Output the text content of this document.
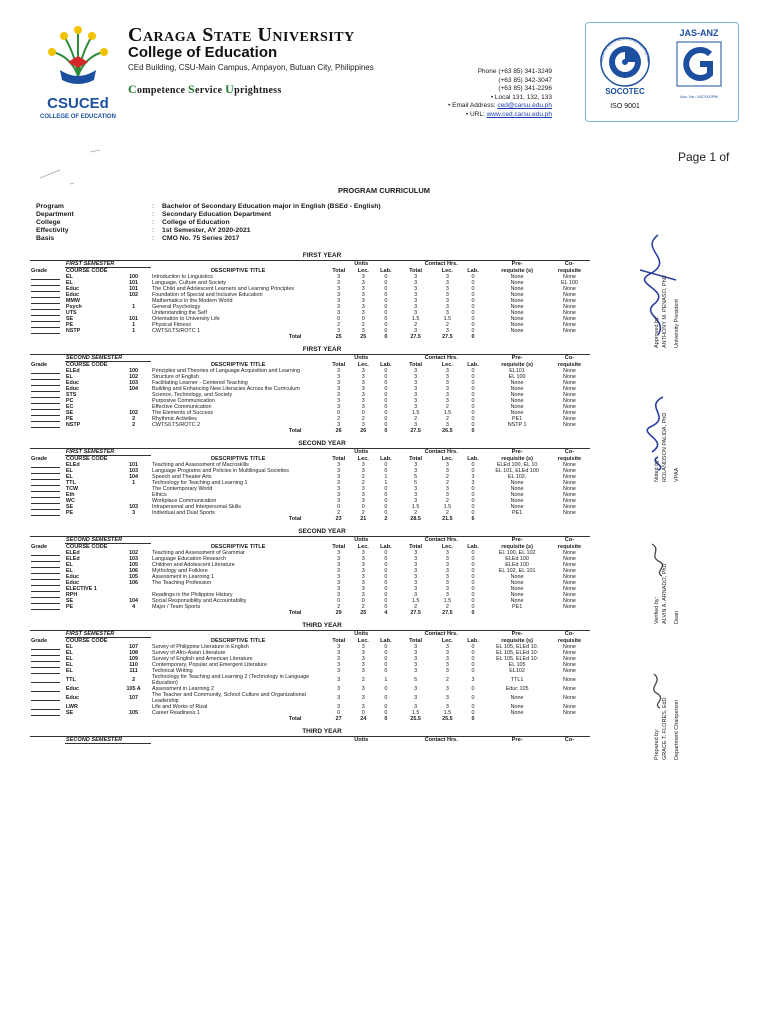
CSUCEd
COLLEGE OF EDUCATION
Caraga State University
College of Education
CEd Building, CSU-Main Campus, Ampayon, Butuan City, Philippines
Competence Service Uprightness
Phone (+63 85) 341-3249
(+63 85) 342-3047
(+63 85) 341-2296
• Local 131, 132, 133
• Email Address: ced@carsu.edu.ph
• URL: www.ced.carsu.edu.ph
CERTIFICATION INTERNATIONA
SOCOTEC
ISO 9001
JAS-ANZ
Acc. No.: M27002PM
Page 1 of
PROGRAM CURRICULUM
Program	:	Bachelor of Secondary Education major in English (BSEd - English)
Department	:	Secondary Education Department
College	:	College of Education
Effectivity	:	1st Semester, AY 2020-2021
Basis	:	CMO No. 75 Series 2017
FIRST YEAR
	FIRST SEMESTER			Units			Contact Hrs.			Pre-	Co-
Grade	COURSE CODE		DESCRIPTIVE TITLE	Total	Lec.	Lab.	Total	Lec.	Lab.	requisite (s)	requisite

	EL	100	Introduction to Linguistics	3	3	0	3	3	0	None	None

	EL	101	Language, Culture and Society	3	3	0	3	3	0	None	EL 100

	Educ	101	The Child and Adolescent Learners and Learning Principles	3	3	0	3	3	0	None	None

	Educ	102	Foundation of Special and Inclusive Education	3	3	0	3	3	0	None	None

	MMW		Mathematics in the Modern World	3	3	0	3	3	0	None	None

	Psych	1	General Psychology	3	3	0	3	3	0	None	None

	UTS		Understanding the Self	3	3	0	3	3	0	None	None

	SE	101	Orientation to University Life	0	0	0	1.5	1.5	0	None	None

	PE	1	Physical Fitness	2	2	0	2	2	0	None	None

	NSTP	1	CWTS/LTS/ROTC 1	3	3	0	3	3	0	None	None
			Total	25	25	0	27.5	27.5	0		
FIRST YEAR
	SECOND SEMESTER			Units			Contact Hrs.			Pre-	Co-
Grade	COURSE CODE		DESCRIPTIVE TITLE	Total	Lec.	Lab.	Total	Lec.	Lab.	requisite (s)	requisite

	ELEd	100	Principles and Theories of Language Acquisition and Learning	3	3	0	3	3	0	EL101	None

	EL	102	Structure of English	3	3	0	3	3	0	EL 100	None

	Educ	103	Facilitating Learner - Centered Teaching	3	3	0	3	3	0	None	None

	Educ	104	Building and Enhancing New Literacies Across the Curriculum	3	3	0	3	3	0	None	None

	STS		Science, Technology, and Society	3	3	0	3	3	0	None	None

	PC		Purposive Communication	3	3	0	3	3	0	None	None

	EC		Effective Communication	3	3	0	3	2	0	None	None

	SE	102	The Elements of Success	0	0	0	1.5	1.5	0	None	None

	PE	2	Rhythmic Activities	2	2	0	2	2	0	PE1	None

	NSTP	2	CWTS/LTS/ROTC 2	3	3	0	3	3	0	NSTP 1	None
			Total	26	26	0	27.5	26.5	0		
SECOND YEAR
	FIRST SEMESTER			Units			Contact Hrs.			Pre-	Co-
Grade	COURSE CODE		DESCRIPTIVE TITLE	Total	Lec.	Lab.	Total	Lec.	Lab.	requisite (s)	requisite

	ELEd	101	Teaching and Assessment of Macroskills	3	3	0	3	3	0	ELEd 100, EL 10	None

	EL	103	Language Programs and Policies in Multilingual Societies	3	3	0	3	3	0	EL 101, ELEd 100	None

	EL	104	Speech and Theater Arts	3	2	1	5	2	3	EL 102,	None

	TTL	1	Technology for Teaching and Learning 1	3	2	1	5	2	3	None	None

	TCW		The Contemporary World	3	3	0	3	3	0	None	None

	Eth		Ethics	3	3	0	3	3	0	None	None

	WC		Workplace Communication	3	3	0	3	2	0	None	None

	SE	103	Intrapersonal and Interpersonal Skills	0	0	0	1.5	1.5	0	None	None

	PE	3	Individual and Dual Sports	2	2	0	2	2	0	PE1	None
			Total	23	21	2	28.5	21.5	6		
SECOND YEAR
	SECOND SEMESTER			Units			Contact Hrs.			Pre-	Co-
Grade	COURSE CODE		DESCRIPTIVE TITLE	Total	Lec.	Lab.	Total	Lec.	Lab.	requisite (s)	requisite

	ELEd	102	Teaching and Assessment of Grammar	3	3	0	3	3	0	EL 100, EL 102	None

	ELEd	103	Language Education Research	3	3	0	3	3	0	ELEd 100	None

	EL	105	Children and Adolescent Literature	3	3	0	3	3	0	ELEd 100	None

	EL	106	Mythology and Folklore	3	3	0	3	3	0	EL 102, EL 101	None

	Educ	105	Assessment in Learning 1	3	3	0	3	3	0	None	None

	Educ	106	The Teaching Profession	3	3	0	3	3	0	None	None

	ELECTIVE 1			3	3	0	3	3	0	None	None

	RPH		Readings in the Philippine History	3	3	0	3	3	0	None	None

	SE	104	Social Responsibility and Accountability	0	0	0	1.5	1.5	0	None	None

	PE	4	Major / Team Sports	2	2	0	2	2	0	PE1	None
			Total	29	25	4	27.5	27.5	0		
THIRD YEAR
	FIRST SEMESTER			Units			Contact Hrs.			Pre-	Co-
Grade	COURSE CODE		DESCRIPTIVE TITLE	Total	Lec.	Lab.	Total	Lec.	Lab.	requisite (s)	requisite

	EL	107	Survey of Philippine Literature in English	3	3	0	3	3	0	EL 105, ELEd 10.	None

	EL	108	Survey of Afro-Asian Literature	3	3	0	3	3	0	EL 105, ELEd 10:	None

	EL	109	Survey of English and American Literature	3	3	0	3	3	0	EL 105, ELEd 10:	None

	EL	110	Contemporary, Popular and Emergent Literature	3	3	0	3	3	0	EL 105	None

	EL	111	Technical Writing	3	3	0	3	3	0	EL102	None

	TTL	2	Technology for Teaching and Learning 2 (Technology in Language Education)	3	2	1	5	2	3	TTL1	None

	Educ	105 A	Assessment in Learning 2	3	3	0	3	3	0	Educ 105	None

	Educ	107	The Teacher and Community, School Culture and Organizational Leadership	3	3	0	3	3	0	None	None

	LWR		Life and Works of Rizal	3	3	0	3	3	0	None	None

	SE	105	Career Readiness 1	0	0	0	1.5	1.5	0	None	None
			Total	27	24	0	25.5	25.5	0		
THIRD YEAR
	SECOND SEMESTER		Units	Contact Hrs.	Pre-	Co-
Approved by: ANTHONY M. PENASO, PhD University President
Noted by: ROLANDSON PALIDA, PhD VPAA
Verified by: ALVIN A. ARNADO, PhD Dean
Prepared by: GRACE T. FLORES, EdD Department Chairperson
